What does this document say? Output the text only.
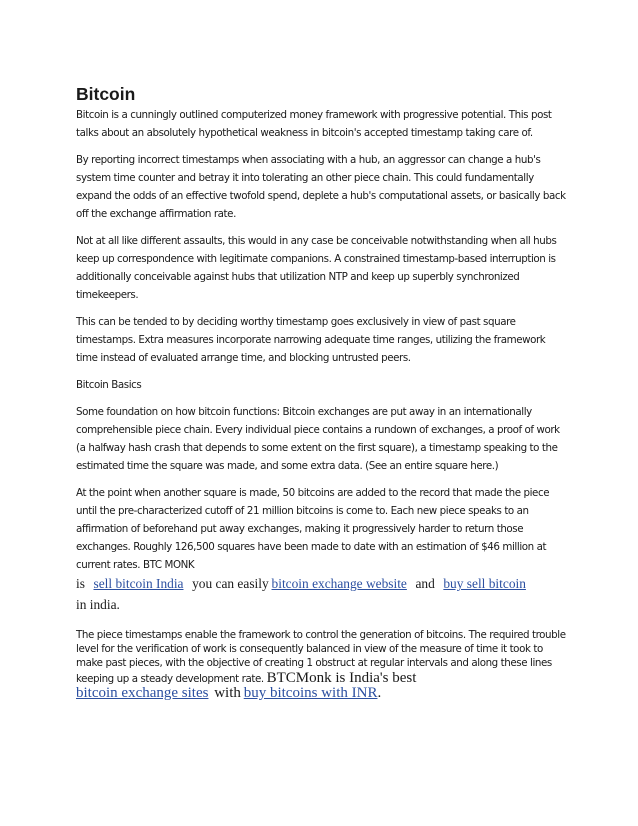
Bitcoin

Bitcoin is a cunningly outlined computerized money framework with progressive potential. This post talks about an absolutely hypothetical weakness in bitcoin's accepted timestamp taking care of.

By reporting incorrect timestamps when associating with a hub, an aggressor can change a hub's system time counter and betray it into tolerating an other piece chain. This could fundamentally expand the odds of an effective twofold spend, deplete a hub's computational assets, or basically back off the exchange affirmation rate.

Not at all like different assaults, this would in any case be conceivable notwithstanding when all hubs keep up correspondence with legitimate companions. A constrained timestamp-based interruption is additionally conceivable against hubs that utilization NTP and keep up superbly synchronized timekeepers.

This can be tended to by deciding worthy timestamp goes exclusively in view of past square timestamps. Extra measures incorporate narrowing adequate time ranges, utilizing the framework time instead of evaluated arrange time, and blocking untrusted peers.

Bitcoin Basics

Some foundation on how bitcoin functions: Bitcoin exchanges are put away in an internationally comprehensible piece chain. Every individual piece contains a rundown of exchanges, a proof of work (a halfway hash crash that depends to some extent on the first square), a timestamp speaking to the estimated time the square was made, and some extra data. (See an entire square here.)

At the point when another square is made, 50 bitcoins are added to the record that made the piece until the pre-characterized cutoff of 21 million bitcoins is come to. Each new piece speaks to an affirmation of beforehand put away exchanges, making it progressively harder to return those exchanges. Roughly 126,500 squares have been made to date with an estimation of $46 million at current rates. BTC MONK
is sell bitcoin India you can easily bitcoin exchange website and buy sell bitcoin
in india.

The piece timestamps enable the framework to control the generation of bitcoins. The required trouble level for the verification of work is consequently balanced in view of the measure of time it took to make past pieces, with the objective of creating 1 obstruct at regular intervals and along these lines keeping up a steady development rate. BTCMonk is India's best
bitcoin exchange sites with buy bitcoins with INR.
